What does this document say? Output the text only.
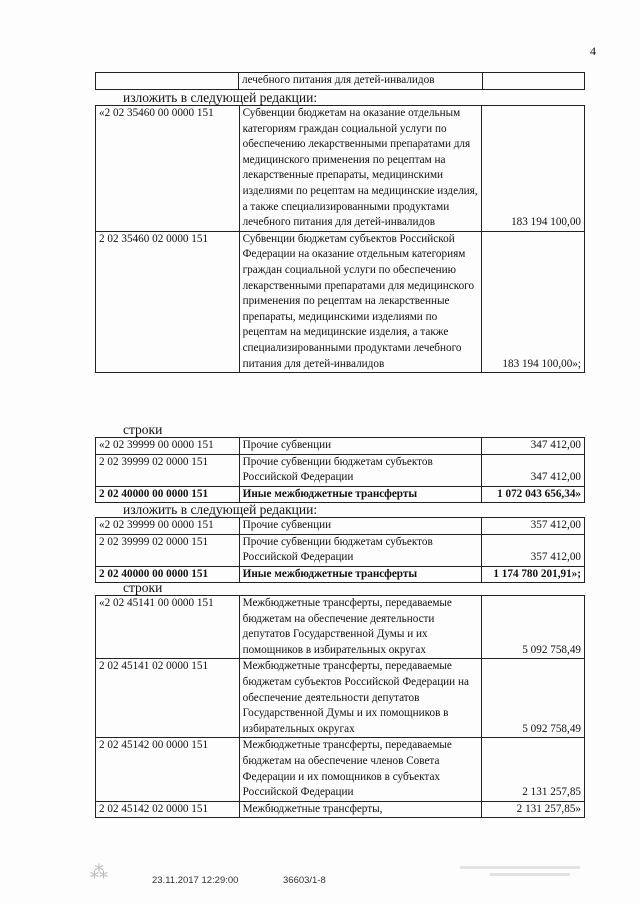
4
	лечебного питания для детей-инвалидов	
изложить в следующей редакции:
«2 02 35460 00 0000 151	Субвенции бюджетам на оказание отдельным категориям граждан социальной услуги по обеспечению лекарственными препаратами для медицинского применения по рецептам на лекарственные препараты, медицинскими изделиями по рецептам на медицинские изделия, а также специализированными продуктами лечебного питания для детей-инвалидов	183 194 100,00
2 02 35460 02 0000 151	Субвенции бюджетам субъектов Российской Федерации на оказание отдельным категориям граждан социальной услуги по обеспечению лекарственными препаратами для медицинского применения по рецептам на лекарственные препараты, медицинскими изделиями по рецептам на медицинские изделия, а также специализированными продуктами лечебного питания для детей-инвалидов	183 194 100,00»;
строки
«2 02 39999 00 0000 151	Прочие субвенции	347 412,00
2 02 39999 02 0000 151	Прочие субвенции бюджетам субъектов Российской Федерации	347 412,00
2 02 40000 00 0000 151	Иные межбюджетные трансферты	1 072 043 656,34»
изложить в следующей редакции:
«2 02 39999 00 0000 151	Прочие субвенции	357 412,00
2 02 39999 02 0000 151	Прочие субвенции бюджетам субъектов Российской Федерации	357 412,00
2 02 40000 00 0000 151	Иные межбюджетные трансферты	1 174 780 201,91»;
строки
«2 02 45141 00 0000 151	Межбюджетные трансферты, передаваемые бюджетам на обеспечение деятельности депутатов Государственной Думы и их помощников в избирательных округах	5 092 758,49
2 02 45141 02 0000 151	Межбюджетные трансферты, передаваемые бюджетам субъектов Российской Федерации на обеспечение деятельности депутатов Государственной Думы и их помощников в избирательных округах	5 092 758,49
2 02 45142 00 0000 151	Межбюджетные трансферты, передаваемые бюджетам на обеспечение членов Совета Федерации и их помощников в субъектах Российской Федерации	2 131 257,85
2 02 45142 02 0000 151	Межбюджетные трансферты,	2 131 257,85»
⁂	23.11.2017 12:29:00	36603/1-8
